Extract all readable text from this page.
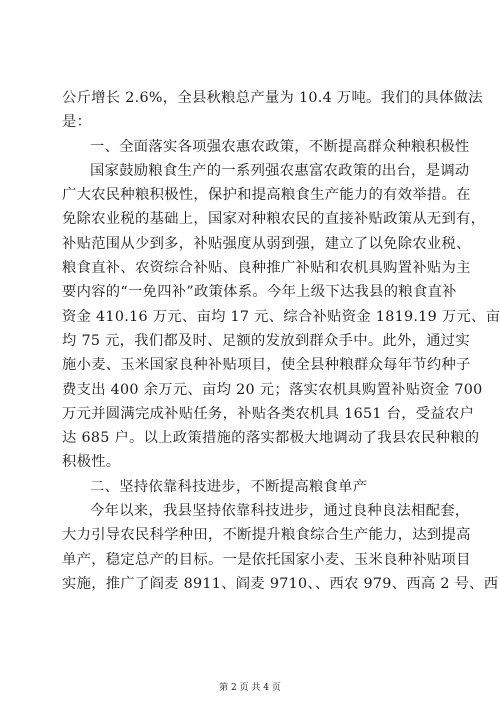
公斤增长 2.6%，全县秋粮总产量为 10.4 万吨。我们的具体做法
是：
一、全面落实各项强农惠农政策，不断提高群众种粮积极性
国家鼓励粮食生产的一系列强农惠富农政策的出台，是调动
广大农民种粮积极性，保护和提高粮食生产能力的有效举措。在
免除农业税的基础上，国家对种粮农民的直接补贴政策从无到有，
补贴范围从少到多，补贴强度从弱到强，建立了以免除农业税、
粮食直补、农资综合补贴、良种推广补贴和农机具购置补贴为主
要内容的“一免四补”政策体系。今年上级下达我县的粮食直补
资金 410.16 万元、亩均 17 元、综合补贴资金 1819.19 万元、亩
均 75 元，我们都及时、足额的发放到群众手中。此外，通过实
施小麦、玉米国家良种补贴项目，使全县种粮群众每年节约种子
费支出 400 余万元、亩均 20 元；落实农机具购置补贴资金 700
万元并圆满完成补贴任务，补贴各类农机具 1651 台，受益农户
达 685 户。以上政策措施的落实都极大地调动了我县农民种粮的
积极性。
二、坚持依靠科技进步，不断提高粮食单产
今年以来，我县坚持依靠科技进步，通过良种良法相配套，
大力引导农民科学种田，不断提升粮食综合生产能力，达到提高
单产，稳定总产的目标。一是依托国家小麦、玉米良种补贴项目
实施，推广了阎麦 8911、阎麦 9710、、西农 979、西高 2 号、西
第 2 页 共 4 页
